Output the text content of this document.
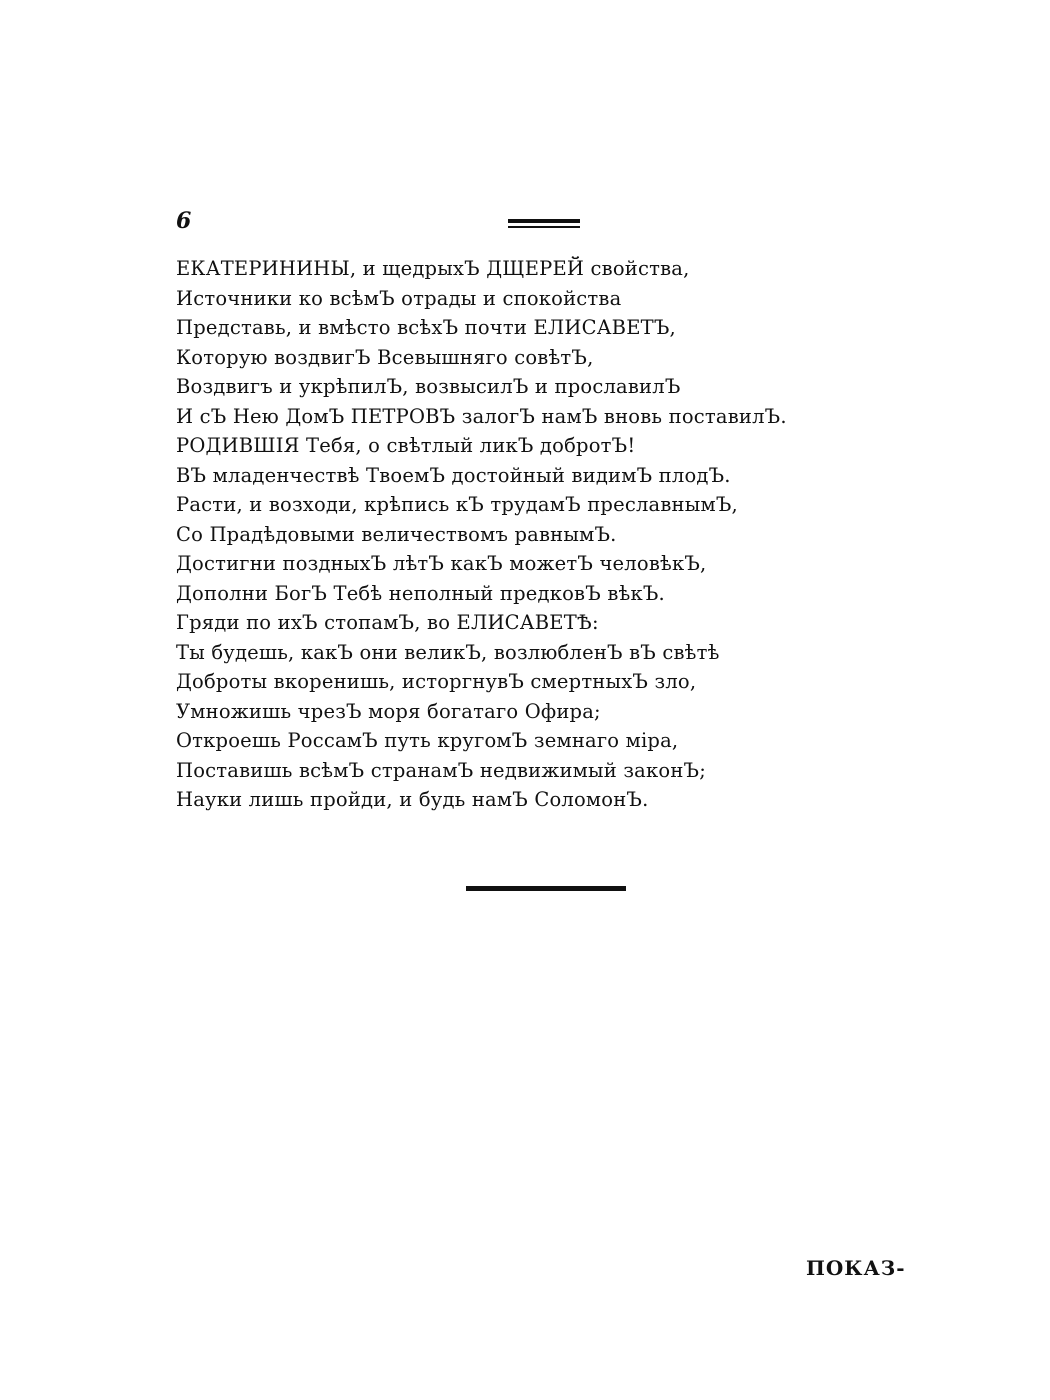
6
ЕКАТЕРИНИНЫ, и щедрыхЪ ДЩЕРЕЙ свойства,
Источники ко всѣмЪ отрады и спокойства
Представь, и вмѣсто всѣхЪ почти ЕЛИСАВЕТЪ,
Которую воздвигЪ Всевышняго совѣтЪ,
Воздвигъ и укрѣпилЪ, возвысилЪ и прославилЪ
И сЪ Нею ДомЪ ПЕТРОВЪ залогЪ намЪ вновь поставилЪ.
РОДИВШІЯ Тебя, о свѣтлый ликЪ добротЪ!
ВЪ младенчествѣ ТвоемЪ достойный видимЪ плодЪ.
Расти, и возходи, крѣпись кЪ трудамЪ преславнымЪ,
Со Прадѣдовыми величествомъ равнымЪ.
Достигни поздныхЪ лѣтЪ какЪ можетЪ человѣкЪ,
Дополни БогЪ Тебѣ неполный предковЪ вѣкЪ.
Гряди по ихЪ стопамЪ, во ЕЛИСАВЕТѢ:
Ты будешь, какЪ они великЪ, возлюбленЪ вЪ свѣтѣ
Доброты вкоренишь, исторгнувЪ смертныхЪ зло,
Умножишь чрезЪ моря богатаго Офира;
Откроешь РоссамЪ путь кругомЪ земнаго міра,
Поставишь всѣмЪ странамЪ недвижимый законЪ;
Науки лишь пройди, и будь намЪ СоломонЪ.
ПОКАЗ-
